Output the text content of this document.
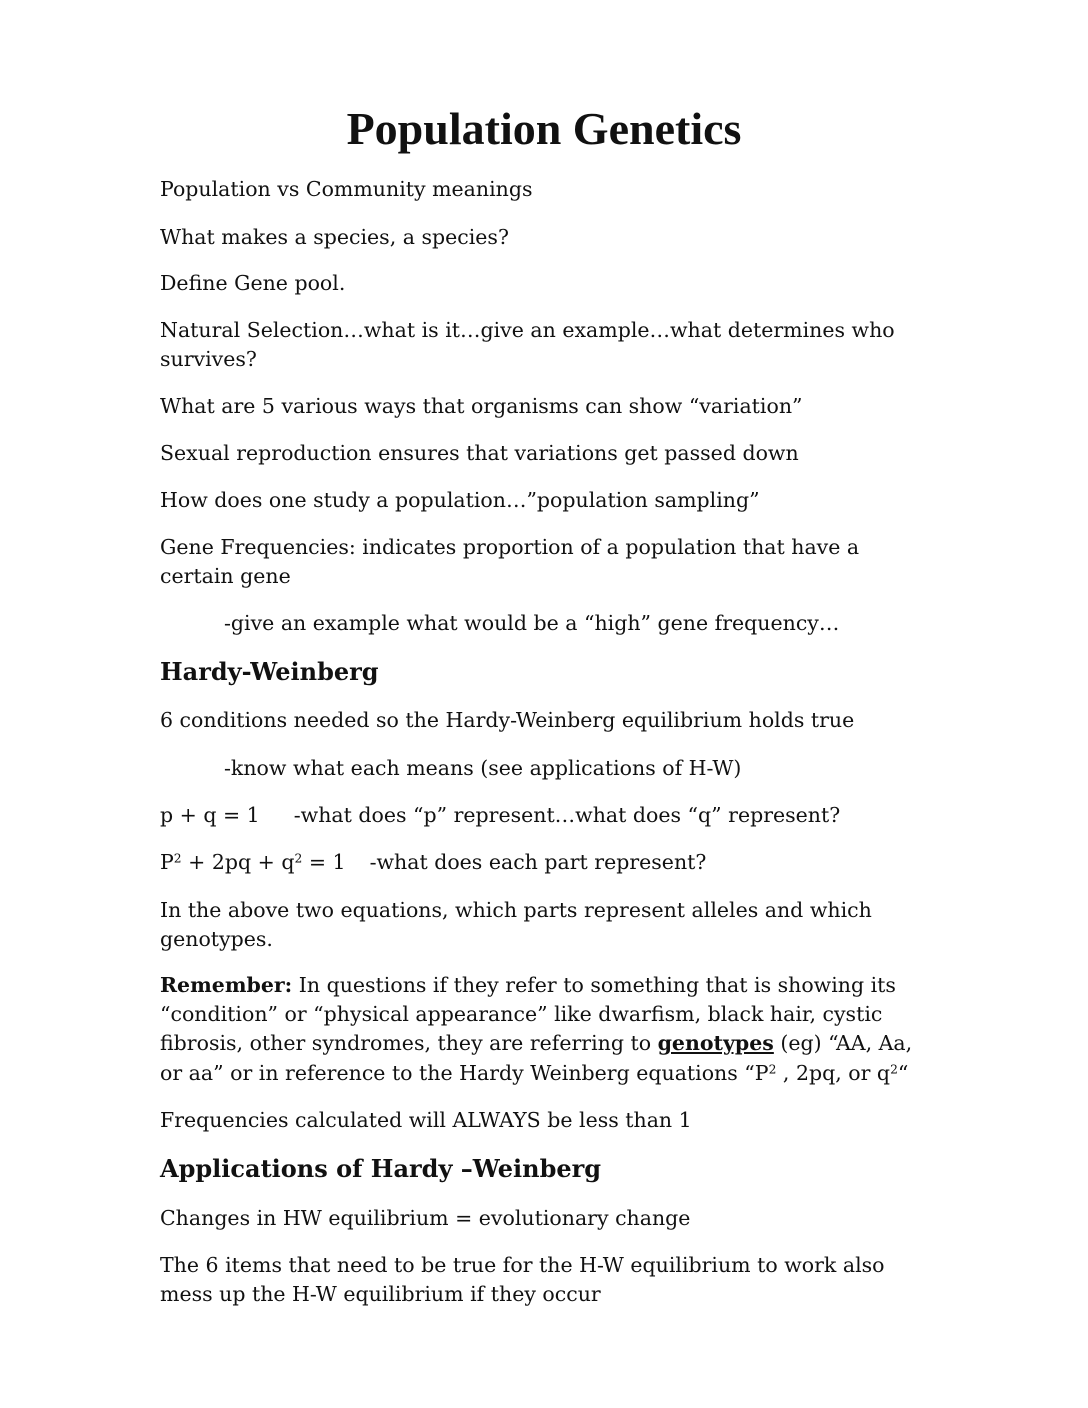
Population Genetics

Population vs Community meanings

What makes a species, a species?

Define Gene pool.

Natural Selection…what is it…give an example…what determines who

survives?

What are 5 various ways that organisms can show “variation”

Sexual reproduction ensures that variations get passed down

How does one study a population…”population sampling”

Gene Frequencies: indicates proportion of a population that have a

certain gene

-give an example what would be a “high” gene frequency…

Hardy-Weinberg

6 conditions needed so the Hardy-Weinberg equilibrium holds true

-know what each means (see applications of H-W)

p + q = 1 -what does “p” represent…what does “q” represent?

$P^2 + 2pq + q^2 = 1$ -what does each part represent?

In the above two equations, which parts represent alleles and which

genotypes.

Remember: In questions if they refer to something that is showing its

“condition” or “physical appearance” like dwarfism, black hair, cystic

fibrosis, other syndromes, they are referring to genotypes (eg) “AA, Aa,

or aa” or in reference to the Hardy Weinberg equations “$P^2$ , 2pq, or $q^2“$

Frequencies calculated will ALWAYS be less than 1

Applications of Hardy –Weinberg

Changes in HW equilibrium = evolutionary change

The 6 items that need to be true for the H-W equilibrium to work also

mess up the H-W equilibrium if they occur
